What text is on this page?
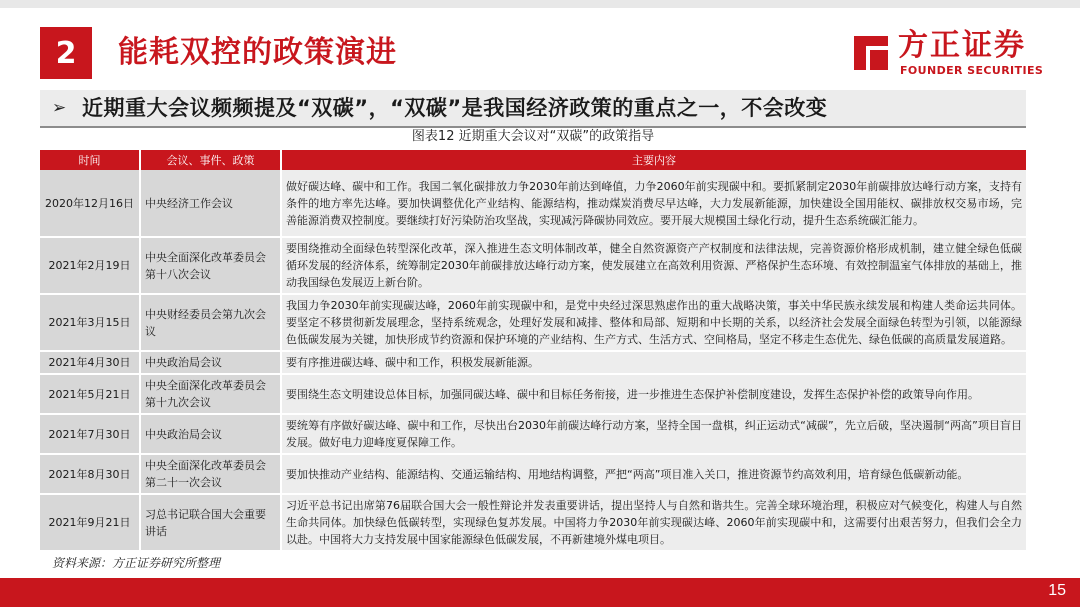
2 能耗双控的政策演进	方正证券
FOUNDER SECURITIES
➢ 近期重大会议频频提及“双碳”，“双碳”是我国经济政策的重点之一，不会改变
图表12 近期重大会议对“双碳”的政策指导
时间	会议、事件、政策	主要内容
2020年12月16日	中央经济工作会议	做好碳达峰、碳中和工作。我国二氧化碳排放力争2030年前达到峰值，力争2060年前实现碳中和。要抓紧制定2030年前碳排放达峰行动方案，支持有条件的地方率先达峰。要加快调整优化产业结构、能源结构，推动煤炭消费尽早达峰，大力发展新能源，加快建设全国用能权、碳排放权交易市场，完善能源消费双控制度。要继续打好污染防治攻坚战，实现减污降碳协同效应。要开展大规模国土绿化行动，提升生态系统碳汇能力。
2021年2月19日	中央全面深化改革委员会第十八次会议	要围绕推动全面绿色转型深化改革，深入推进生态文明体制改革，健全自然资源资产产权制度和法律法规，完善资源价格形成机制，建立健全绿色低碳循环发展的经济体系，统筹制定2030年前碳排放达峰行动方案，使发展建立在高效利用资源、严格保护生态环境、有效控制温室气体排放的基础上，推动我国绿色发展迈上新台阶。
2021年3月15日	中央财经委员会第九次会议	我国力争2030年前实现碳达峰，2060年前实现碳中和，是党中央经过深思熟虑作出的重大战略决策，事关中华民族永续发展和构建人类命运共同体。要坚定不移贯彻新发展理念，坚持系统观念，处理好发展和减排、整体和局部、短期和中长期的关系，以经济社会发展全面绿色转型为引领，以能源绿色低碳发展为关键，加快形成节约资源和保护环境的产业结构、生产方式、生活方式、空间格局，坚定不移走生态优先、绿色低碳的高质量发展道路。
2021年4月30日	中央政治局会议	要有序推进碳达峰、碳中和工作，积极发展新能源。
2021年5月21日	中央全面深化改革委员会第十九次会议	要围绕生态文明建设总体目标，加强同碳达峰、碳中和目标任务衔接，进一步推进生态保护补偿制度建设，发挥生态保护补偿的政策导向作用。
2021年7月30日	中央政治局会议	要统筹有序做好碳达峰、碳中和工作，尽快出台2030年前碳达峰行动方案，坚持全国一盘棋，纠正运动式“减碳”，先立后破，坚决遏制“两高”项目盲目发展。做好电力迎峰度夏保障工作。
2021年8月30日	中央全面深化改革委员会第二十一次会议	要加快推动产业结构、能源结构、交通运输结构、用地结构调整，严把“两高”项目准入关口，推进资源节约高效利用，培育绿色低碳新动能。
2021年9月21日	习总书记联合国大会重要讲话	习近平总书记出席第76届联合国大会一般性辩论并发表重要讲话，提出坚持人与自然和谐共生。完善全球环境治理，积极应对气候变化，构建人与自然生命共同体。加快绿色低碳转型，实现绿色复苏发展。中国将力争2030年前实现碳达峰、2060年前实现碳中和，这需要付出艰苦努力，但我们会全力以赴。中国将大力支持发展中国家能源绿色低碳发展，不再新建境外煤电项目。
资料来源：方正证券研究所整理
15
